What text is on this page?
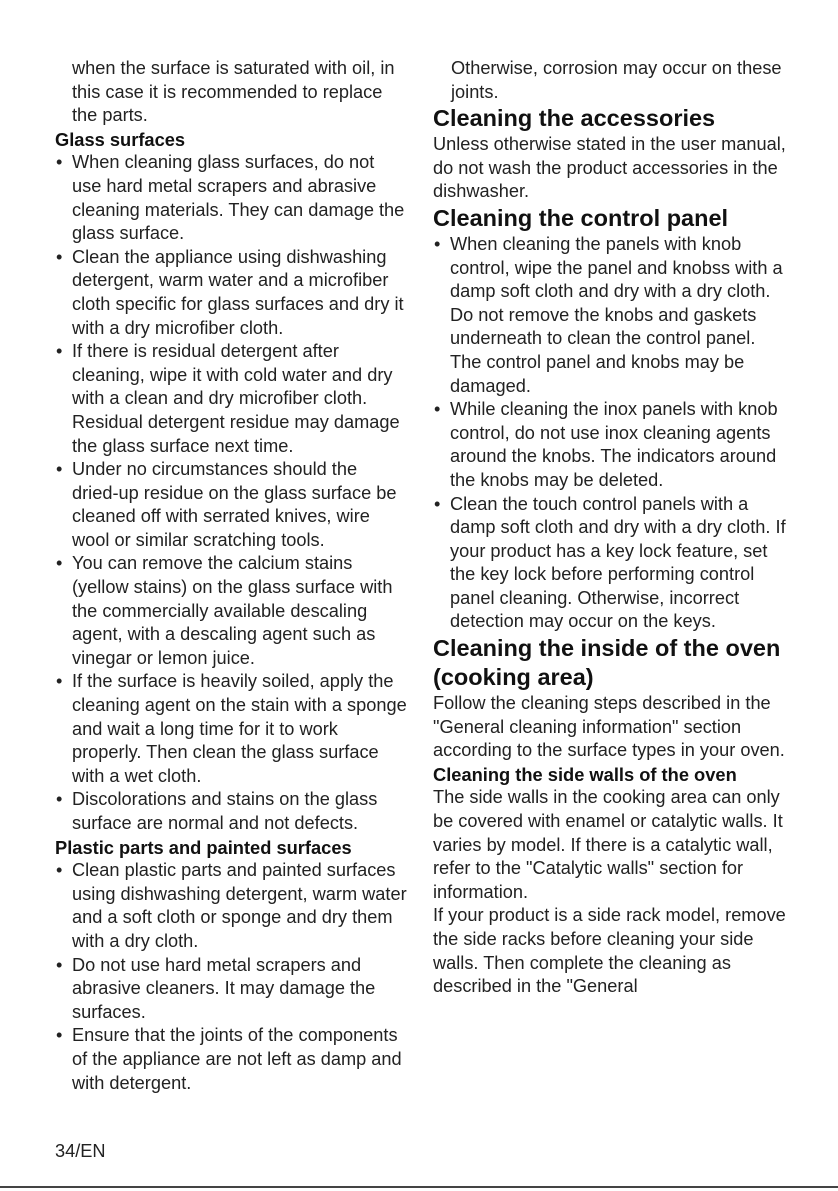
when the surface is saturated with oil, in this case it is recommended to replace the parts.

Glass surfaces
• When cleaning glass surfaces, do not use hard metal scrapers and abrasive cleaning materials. They can damage the glass surface.
• Clean the appliance using dishwashing detergent, warm water and a microfiber cloth specific for glass surfaces and dry it with a dry microfiber cloth.
• If there is residual detergent after cleaning, wipe it with cold water and dry with a clean and dry microfiber cloth. Residual detergent residue may damage the glass surface next time.
• Under no circumstances should the dried-up residue on the glass surface be cleaned off with serrated knives, wire wool or similar scratching tools.
• You can remove the calcium stains (yellow stains) on the glass surface with the commercially available descaling agent, with a descaling agent such as vinegar or lemon juice.
• If the surface is heavily soiled, apply the cleaning agent on the stain with a sponge and wait a long time for it to work properly. Then clean the glass surface with a wet cloth.
• Discolorations and stains on the glass surface are normal and not defects.
Plastic parts and painted surfaces
• Clean plastic parts and painted surfaces using dishwashing detergent, warm water and a soft cloth or sponge and dry them with a dry cloth.
• Do not use hard metal scrapers and abrasive cleaners. It may damage the surfaces.
• Ensure that the joints of the components of the appliance are not left as damp and with detergent.

Otherwise, corrosion may occur on these joints.

Cleaning the accessories

Unless otherwise stated in the user manual, do not wash the product accessories in the dishwasher.

Cleaning the control panel
• When cleaning the panels with knob control, wipe the panel and knobss with a damp soft cloth and dry with a dry cloth. Do not remove the knobs and gaskets underneath to clean the control panel. The control panel and knobs may be damaged.
• While cleaning the inox panels with knob control, do not use inox cleaning agents around the knobs. The indicators around the knobs may be deleted.
• Clean the touch control panels with a damp soft cloth and dry with a dry cloth. If your product has a key lock feature, set the key lock before performing control panel cleaning. Otherwise, incorrect detection may occur on the keys.
Cleaning the inside of the oven (cooking area)

Follow the cleaning steps described in the "General cleaning information" section according to the surface types in your oven.

Cleaning the side walls of the oven

The side walls in the cooking area can only be covered with enamel or catalytic walls. It varies by model. If there is a catalytic wall, refer to the "Catalytic walls" section for information.

If your product is a side rack model, remove the side racks before cleaning your side walls. Then complete the cleaning as described in the "General

34/EN
